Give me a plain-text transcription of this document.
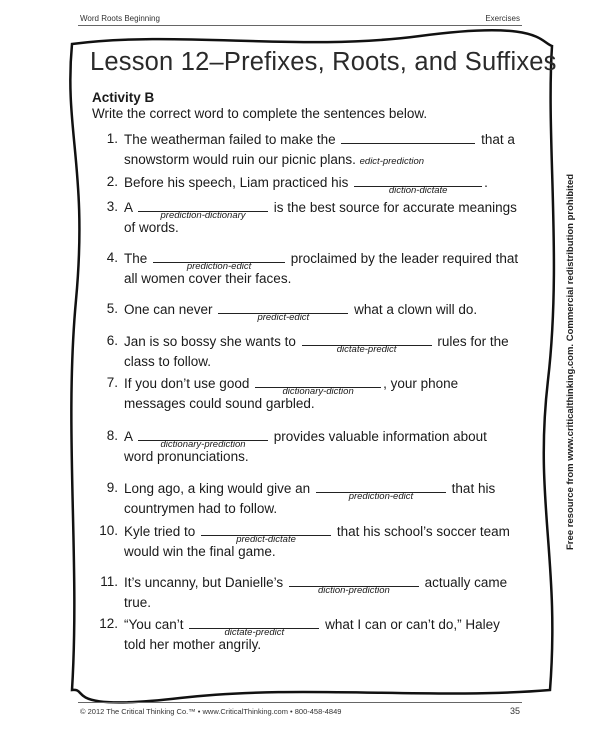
Word Roots Beginning	Exercises
Lesson 12–Prefixes, Roots, and Suffixes
Activity B
Write the correct word to complete the sentences below.
1. The weatherman failed to make the	that a
snowstorm would ruin our picnic plans. edict-prediction
2. Before his speech, Liam practiced his
diction-dictate
.
3. A
prediction-dictionary
is the best source for accurate meanings
of words.
4. The
prediction-edict
proclaimed by the leader required that
all women cover their faces.
5. One can never
predict-edict
what a clown will do.
6. Jan is so bossy she wants to
dictate-predict
rules for the
class to follow.
7. If you don’t use good
dictionary-diction
, your phone
messages could sound garbled.
8. A
dictionary-prediction
provides valuable information about
word pronunciations.
9. Long ago, a king would give an
prediction-edict
that his
countrymen had to follow.
10. Kyle tried to
predict-dictate
that his school’s soccer team
would win the final game.
11. It’s uncanny, but Danielle’s
diction-prediction
actually came
true.
12. “You can’t
dictate-predict
what I can or can’t do,” Haley
told her mother angrily.
Free resource from www.criticalthinking.com. Commercial redistribution prohibited
© 2012 The Critical Thinking Co.™ • www.CriticalThinking.com • 800-458-4849	35
